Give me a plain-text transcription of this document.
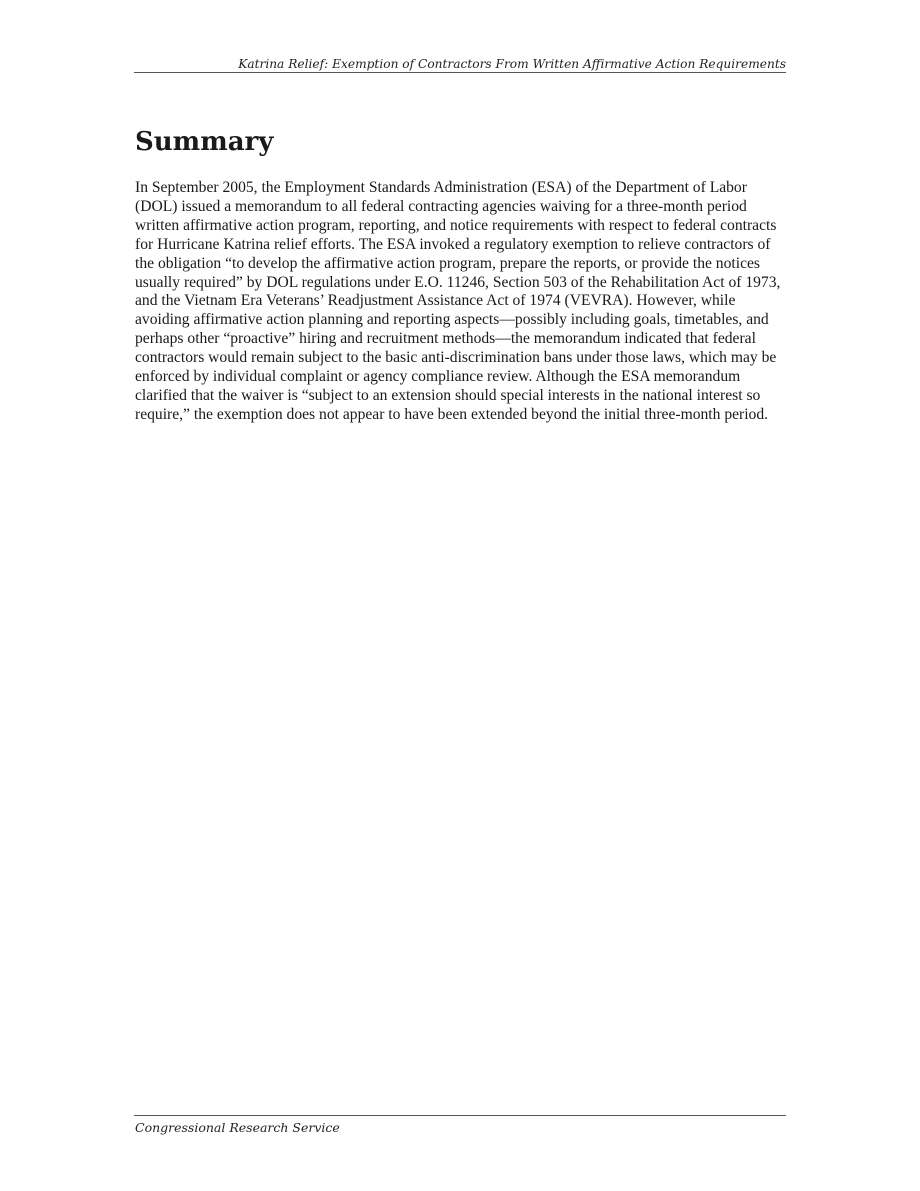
Katrina Relief: Exemption of Contractors From Written Affirmative Action Requirements
Summary

In September 2005, the Employment Standards Administration (ESA) of the Department of Labor (DOL) issued a memorandum to all federal contracting agencies waiving for a three-month period written affirmative action program, reporting, and notice requirements with respect to federal contracts for Hurricane Katrina relief efforts. The ESA invoked a regulatory exemption to relieve contractors of the obligation “to develop the affirmative action program, prepare the reports, or provide the notices usually required” by DOL regulations under E.O. 11246, Section 503 of the Rehabilitation Act of 1973, and the Vietnam Era Veterans’ Readjustment Assistance Act of 1974 (VEVRA). However, while avoiding affirmative action planning and reporting aspects—possibly including goals, timetables, and perhaps other “proactive” hiring and recruitment methods—the memorandum indicated that federal contractors would remain subject to the basic anti-discrimination bans under those laws, which may be enforced by individual complaint or agency compliance review. Although the ESA memorandum clarified that the waiver is “subject to an extension should special interests in the national interest so require,” the exemption does not appear to have been extended beyond the initial three-month period.

Congressional Research Service
